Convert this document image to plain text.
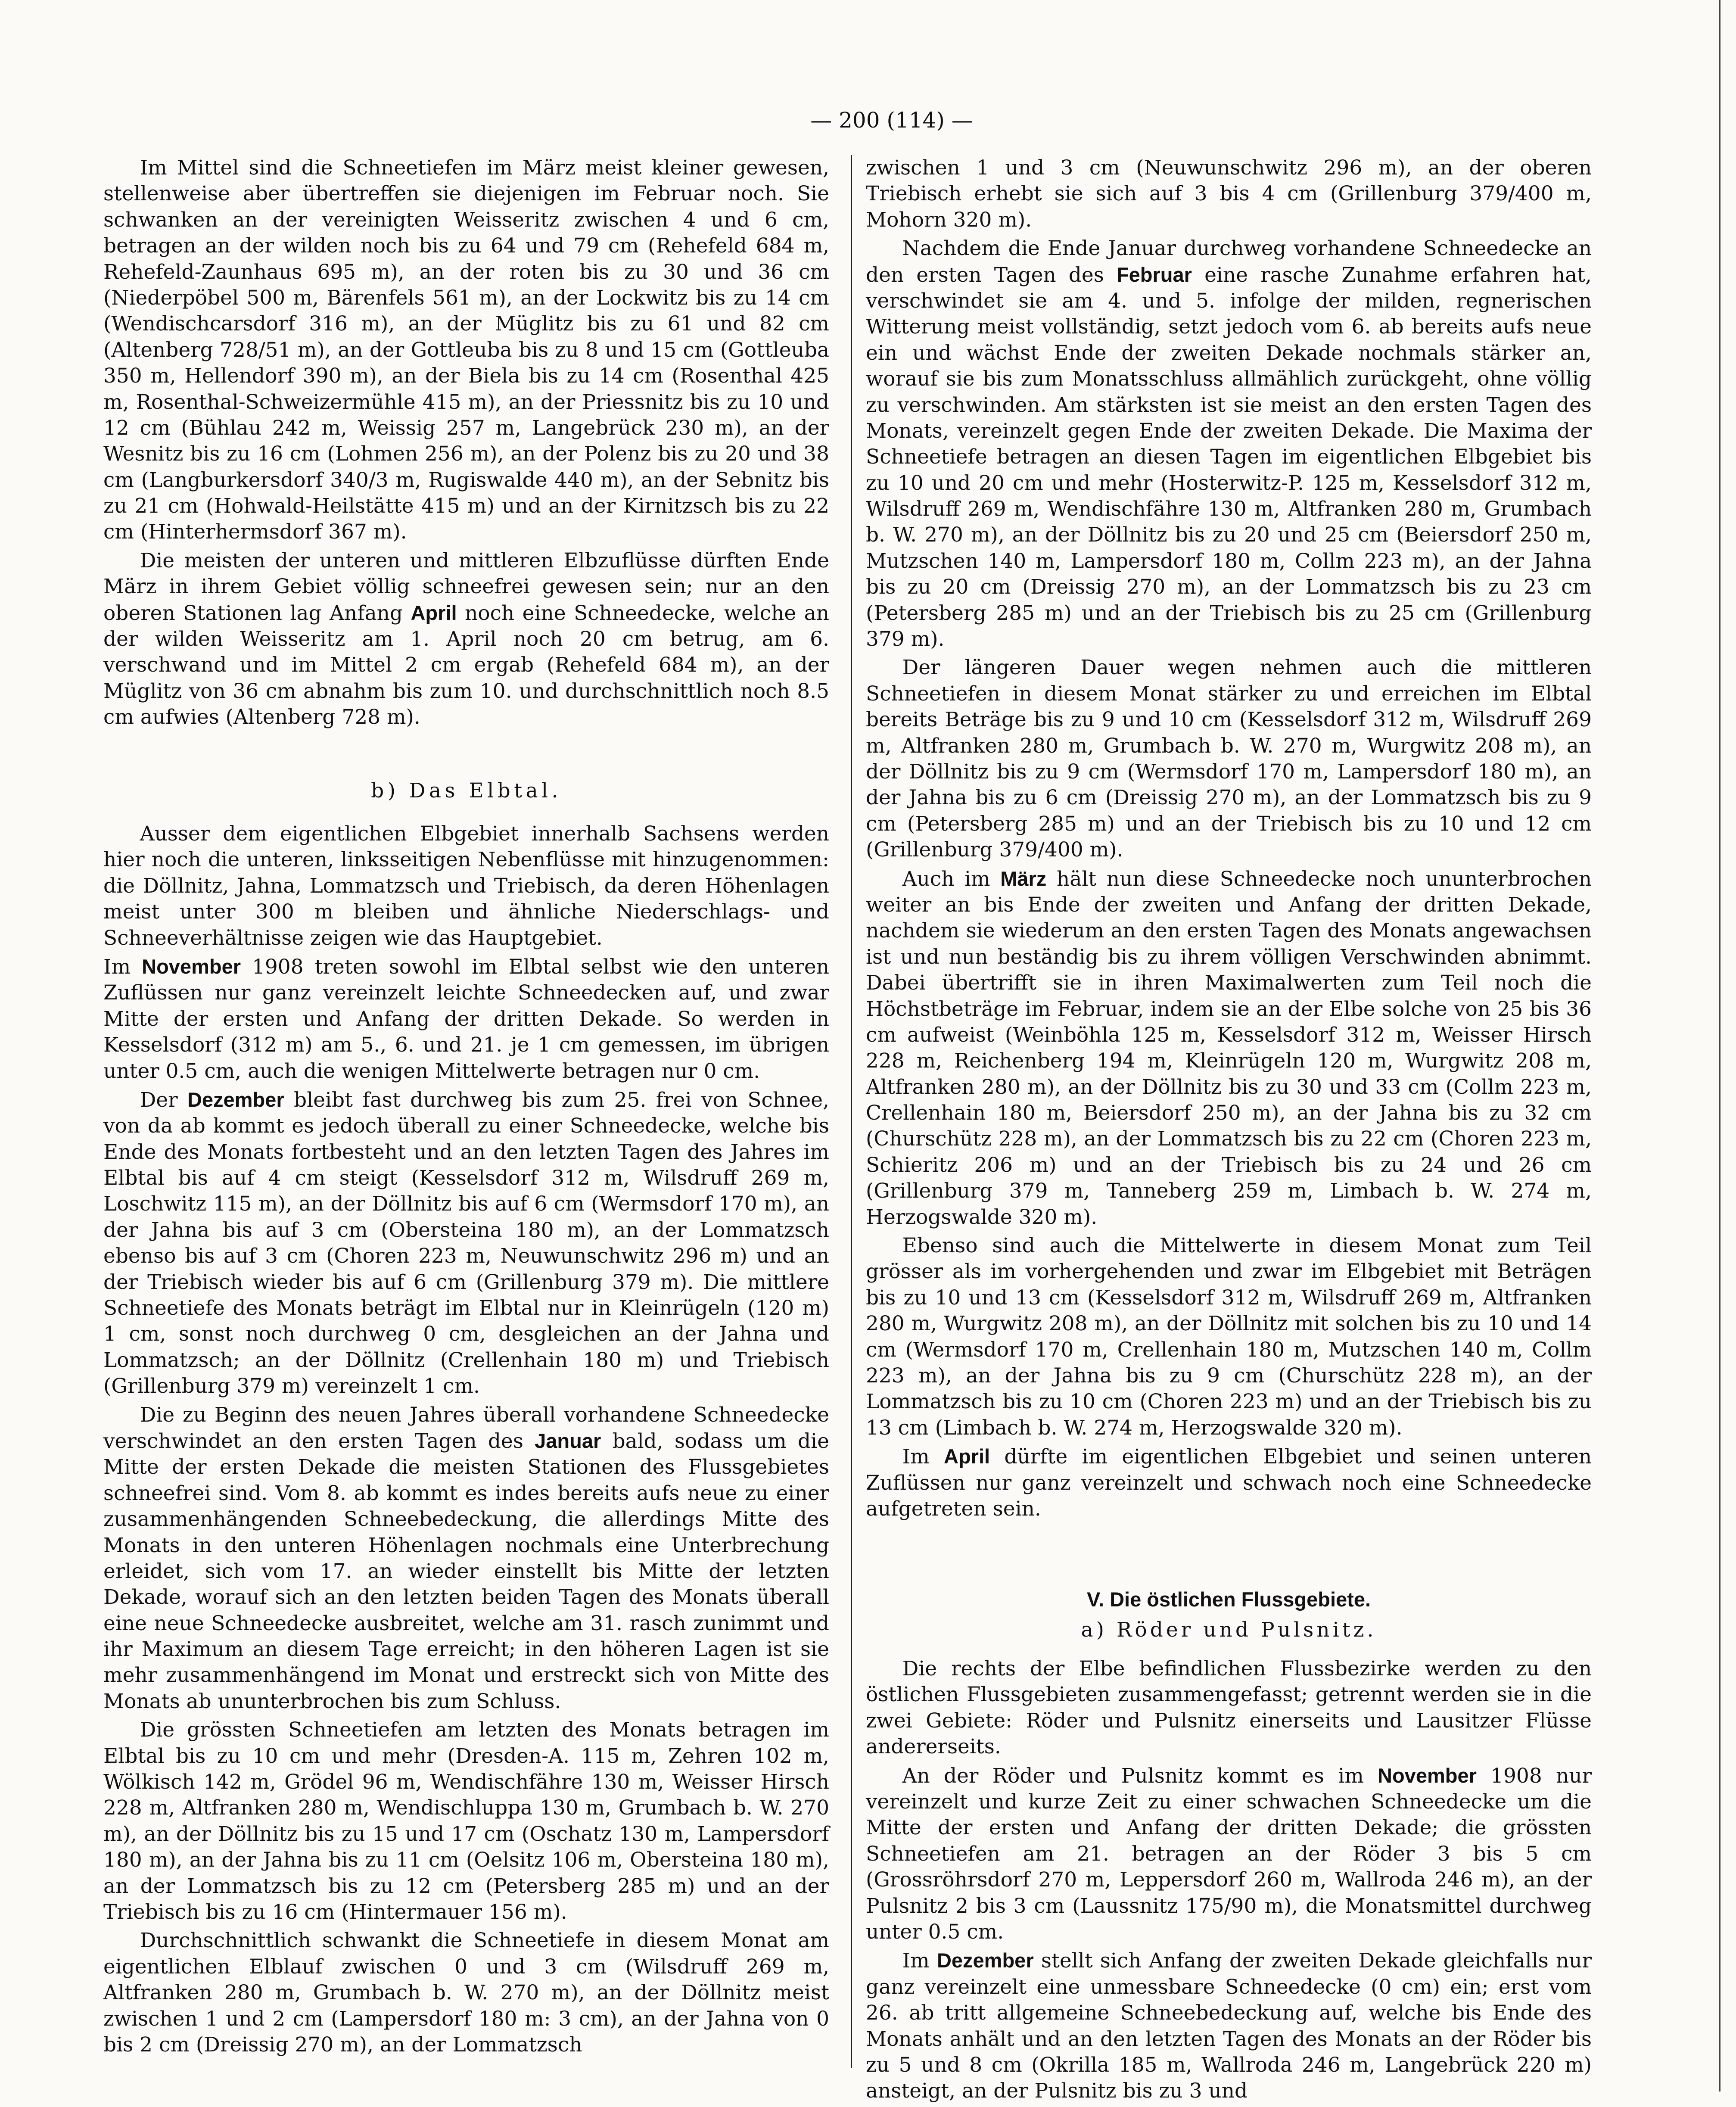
— 200 (114) —

Im Mittel sind die Schneetiefen im März meist kleiner gewesen, stellenweise aber übertreffen sie diejenigen im Februar noch. Sie schwanken an der vereinigten Weisseritz zwischen 4 und 6 cm, betragen an der wilden noch bis zu 64 und 79 cm (Rehefeld 684 m, Rehefeld-Zaunhaus 695 m), an der roten bis zu 30 und 36 cm (Niederpöbel 500 m, Bärenfels 561 m), an der Lockwitz bis zu 14 cm (Wendischcarsdorf 316 m), an der Müglitz bis zu 61 und 82 cm (Altenberg 728/51 m), an der Gottleuba bis zu 8 und 15 cm (Gottleuba 350 m, Hellendorf 390 m), an der Biela bis zu 14 cm (Rosenthal 425 m, Rosenthal-Schweizermühle 415 m), an der Priessnitz bis zu 10 und 12 cm (Bühlau 242 m, Weissig 257 m, Langebrück 230 m), an der Wesnitz bis zu 16 cm (Lohmen 256 m), an der Polenz bis zu 20 und 38 cm (Langburkersdorf 340/3 m, Rugiswalde 440 m), an der Sebnitz bis zu 21 cm (Hohwald-Heilstätte 415 m) und an der Kirnitzsch bis zu 22 cm (Hinterhermsdorf 367 m).

Die meisten der unteren und mittleren Elbzuflüsse dürften Ende März in ihrem Gebiet völlig schneefrei gewesen sein; nur an den oberen Stationen lag Anfang April noch eine Schneedecke, welche an der wilden Weisseritz am 1. April noch 20 cm betrug, am 6. verschwand und im Mittel 2 cm ergab (Rehefeld 684 m), an der Müglitz von 36 cm abnahm bis zum 10. und durchschnittlich noch 8.5 cm aufwies (Altenberg 728 m).

b) Das Elbtal.

Ausser dem eigentlichen Elbgebiet innerhalb Sachsens werden hier noch die unteren, linksseitigen Nebenflüsse mit hinzugenommen: die Döllnitz, Jahna, Lommatzsch und Triebisch, da deren Höhenlagen meist unter 300 m bleiben und ähnliche Niederschlags- und Schneeverhältnisse zeigen wie das Hauptgebiet.

Im November 1908 treten sowohl im Elbtal selbst wie den unteren Zuflüssen nur ganz vereinzelt leichte Schneedecken auf, und zwar Mitte der ersten und Anfang der dritten Dekade. So werden in Kesselsdorf (312 m) am 5., 6. und 21. je 1 cm gemessen, im übrigen unter 0.5 cm, auch die wenigen Mittelwerte betragen nur 0 cm.

Der Dezember bleibt fast durchweg bis zum 25. frei von Schnee, von da ab kommt es jedoch überall zu einer Schneedecke, welche bis Ende des Monats fortbesteht und an den letzten Tagen des Jahres im Elbtal bis auf 4 cm steigt (Kesselsdorf 312 m, Wilsdruff 269 m, Loschwitz 115 m), an der Döllnitz bis auf 6 cm (Wermsdorf 170 m), an der Jahna bis auf 3 cm (Obersteina 180 m), an der Lommatzsch ebenso bis auf 3 cm (Choren 223 m, Neuwunschwitz 296 m) und an der Triebisch wieder bis auf 6 cm (Grillenburg 379 m). Die mittlere Schneetiefe des Monats beträgt im Elbtal nur in Kleinrügeln (120 m) 1 cm, sonst noch durchweg 0 cm, desgleichen an der Jahna und Lommatzsch; an der Döllnitz (Crellenhain 180 m) und Triebisch (Grillenburg 379 m) vereinzelt 1 cm.

Die zu Beginn des neuen Jahres überall vorhandene Schneedecke verschwindet an den ersten Tagen des Januar bald, sodass um die Mitte der ersten Dekade die meisten Stationen des Flussgebietes schneefrei sind. Vom 8. ab kommt es indes bereits aufs neue zu einer zusammenhängenden Schneebedeckung, die allerdings Mitte des Monats in den unteren Höhenlagen nochmals eine Unterbrechung erleidet, sich vom 17. an wieder einstellt bis Mitte der letzten Dekade, worauf sich an den letzten beiden Tagen des Monats überall eine neue Schneedecke ausbreitet, welche am 31. rasch zunimmt und ihr Maximum an diesem Tage erreicht; in den höheren Lagen ist sie mehr zusammenhängend im Monat und erstreckt sich von Mitte des Monats ab ununterbrochen bis zum Schluss.

Die grössten Schneetiefen am letzten des Monats betragen im Elbtal bis zu 10 cm und mehr (Dresden-A. 115 m, Zehren 102 m, Wölkisch 142 m, Grödel 96 m, Wendischfähre 130 m, Weisser Hirsch 228 m, Altfranken 280 m, Wendischluppa 130 m, Grumbach b. W. 270 m), an der Döllnitz bis zu 15 und 17 cm (Oschatz 130 m, Lampersdorf 180 m), an der Jahna bis zu 11 cm (Oelsitz 106 m, Obersteina 180 m), an der Lommatzsch bis zu 12 cm (Petersberg 285 m) und an der Triebisch bis zu 16 cm (Hintermauer 156 m).

Durchschnittlich schwankt die Schneetiefe in diesem Monat am eigentlichen Elblauf zwischen 0 und 3 cm (Wilsdruff 269 m, Altfranken 280 m, Grumbach b. W. 270 m), an der Döllnitz meist zwischen 1 und 2 cm (Lampersdorf 180 m: 3 cm), an der Jahna von 0 bis 2 cm (Dreissig 270 m), an der Lommatzsch

zwischen 1 und 3 cm (Neuwunschwitz 296 m), an der oberen Triebisch erhebt sie sich auf 3 bis 4 cm (Grillenburg 379/400 m, Mohorn 320 m).

Nachdem die Ende Januar durchweg vorhandene Schneedecke an den ersten Tagen des Februar eine rasche Zunahme erfahren hat, verschwindet sie am 4. und 5. infolge der milden, regnerischen Witterung meist vollständig, setzt jedoch vom 6. ab bereits aufs neue ein und wächst Ende der zweiten Dekade nochmals stärker an, worauf sie bis zum Monatsschluss allmählich zurückgeht, ohne völlig zu verschwinden. Am stärksten ist sie meist an den ersten Tagen des Monats, vereinzelt gegen Ende der zweiten Dekade. Die Maxima der Schneetiefe betragen an diesen Tagen im eigentlichen Elbgebiet bis zu 10 und 20 cm und mehr (Hosterwitz-P. 125 m, Kesselsdorf 312 m, Wilsdruff 269 m, Wendischfähre 130 m, Altfranken 280 m, Grumbach b. W. 270 m), an der Döllnitz bis zu 20 und 25 cm (Beiersdorf 250 m, Mutzschen 140 m, Lampersdorf 180 m, Collm 223 m), an der Jahna bis zu 20 cm (Dreissig 270 m), an der Lommatzsch bis zu 23 cm (Petersberg 285 m) und an der Triebisch bis zu 25 cm (Grillenburg 379 m).

Der längeren Dauer wegen nehmen auch die mittleren Schneetiefen in diesem Monat stärker zu und erreichen im Elbtal bereits Beträge bis zu 9 und 10 cm (Kesselsdorf 312 m, Wilsdruff 269 m, Altfranken 280 m, Grumbach b. W. 270 m, Wurgwitz 208 m), an der Döllnitz bis zu 9 cm (Wermsdorf 170 m, Lampersdorf 180 m), an der Jahna bis zu 6 cm (Dreissig 270 m), an der Lommatzsch bis zu 9 cm (Petersberg 285 m) und an der Triebisch bis zu 10 und 12 cm (Grillenburg 379/400 m).

Auch im März hält nun diese Schneedecke noch ununterbrochen weiter an bis Ende der zweiten und Anfang der dritten Dekade, nachdem sie wiederum an den ersten Tagen des Monats angewachsen ist und nun beständig bis zu ihrem völligen Verschwinden abnimmt. Dabei übertrifft sie in ihren Maximalwerten zum Teil noch die Höchstbeträge im Februar, indem sie an der Elbe solche von 25 bis 36 cm aufweist (Weinböhla 125 m, Kesselsdorf 312 m, Weisser Hirsch 228 m, Reichenberg 194 m, Kleinrügeln 120 m, Wurgwitz 208 m, Altfranken 280 m), an der Döllnitz bis zu 30 und 33 cm (Collm 223 m, Crellenhain 180 m, Beiersdorf 250 m), an der Jahna bis zu 32 cm (Churschütz 228 m), an der Lommatzsch bis zu 22 cm (Choren 223 m, Schieritz 206 m) und an der Triebisch bis zu 24 und 26 cm (Grillenburg 379 m, Tanneberg 259 m, Limbach b. W. 274 m, Herzogswalde 320 m).

Ebenso sind auch die Mittelwerte in diesem Monat zum Teil grösser als im vorhergehenden und zwar im Elbgebiet mit Beträgen bis zu 10 und 13 cm (Kesselsdorf 312 m, Wilsdruff 269 m, Altfranken 280 m, Wurgwitz 208 m), an der Döllnitz mit solchen bis zu 10 und 14 cm (Wermsdorf 170 m, Crellenhain 180 m, Mutzschen 140 m, Collm 223 m), an der Jahna bis zu 9 cm (Churschütz 228 m), an der Lommatzsch bis zu 10 cm (Choren 223 m) und an der Triebisch bis zu 13 cm (Limbach b. W. 274 m, Herzogswalde 320 m).

Im April dürfte im eigentlichen Elbgebiet und seinen unteren Zuflüssen nur ganz vereinzelt und schwach noch eine Schneedecke aufgetreten sein.

V. Die östlichen Flussgebiete.
a) Röder und Pulsnitz.

Die rechts der Elbe befindlichen Flussbezirke werden zu den östlichen Flussgebieten zusammengefasst; getrennt werden sie in die zwei Gebiete: Röder und Pulsnitz einerseits und Lausitzer Flüsse andererseits.

An der Röder und Pulsnitz kommt es im November 1908 nur vereinzelt und kurze Zeit zu einer schwachen Schneedecke um die Mitte der ersten und Anfang der dritten Dekade; die grössten Schneetiefen am 21. betragen an der Röder 3 bis 5 cm (Grossröhrsdorf 270 m, Leppersdorf 260 m, Wallroda 246 m), an der Pulsnitz 2 bis 3 cm (Laussnitz 175/90 m), die Monatsmittel durchweg unter 0.5 cm.

Im Dezember stellt sich Anfang der zweiten Dekade gleichfalls nur ganz vereinzelt eine unmessbare Schneedecke (0 cm) ein; erst vom 26. ab tritt allgemeine Schneebedeckung auf, welche bis Ende des Monats anhält und an den letzten Tagen des Monats an der Röder bis zu 5 und 8 cm (Okrilla 185 m, Wallroda 246 m, Langebrück 220 m) ansteigt, an der Pulsnitz bis zu 3 und
